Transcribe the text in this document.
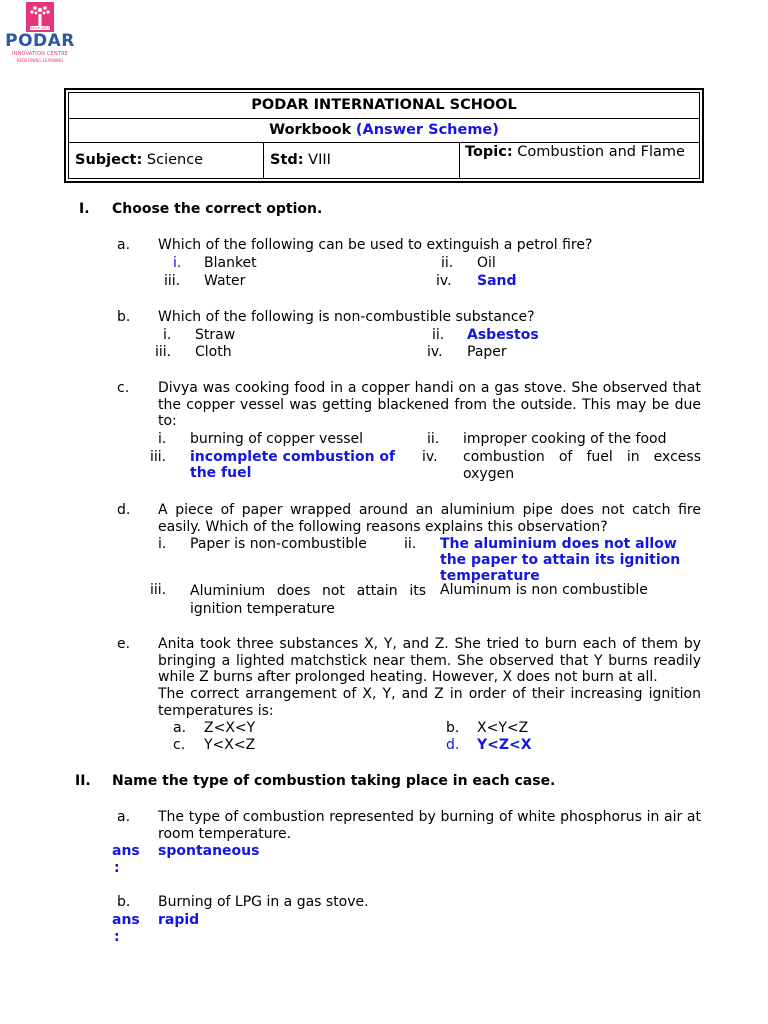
Since 1927
PODAR
INNOVATION CENTRE
REDEFINING LEARNING
PODAR INTERNATIONAL SCHOOL
Workbook (Answer Scheme)
Subject: Science	Std: VIII	Topic: Combustion and Flame
I. Choose the correct option.
a. Which of the following can be used to extinguish a petrol fire?
i. Blanket	ii. Oil
iii. Water	iv. Sand
b. Which of the following is non-combustible substance?
i. Straw	ii. Asbestos
iii. Cloth	iv. Paper
c. Divya was cooking food in a copper handi on a gas stove. She observed that the copper vessel was getting blackened from the outside. This may be due to:
i. burning of copper vessel	ii. improper cooking of the food
iii. incomplete combustion of the fuel
iv. combustion of fuel in excess oxygen
d. A piece of paper wrapped around an aluminium pipe does not catch fire easily. Which of the following reasons explains this observation?
i. Paper is non-combustible	ii. The aluminium does not allow the paper to attain its ignition temperature
iii. Aluminium does not attain its ignition temperature
Aluminum is non combustible
e. Anita took three substances X, Y, and Z. She tried to burn each of them by bringing a lighted matchstick near them. She observed that Y burns readily while Z burns after prolonged heating. However, X does not burn at all.
The correct arrangement of X, Y, and Z in order of their increasing ignition temperatures is:
a. Z<X<Y	b. X<Y<Z
c. Y<X<Z	d. Y<Z<X
II. Name the type of combustion taking place in each case.
a. The type of combustion represented by burning of white phosphorus in air at room temperature.
ans
:
spontaneous
b. Burning of LPG in a gas stove.
ans
:
rapid
